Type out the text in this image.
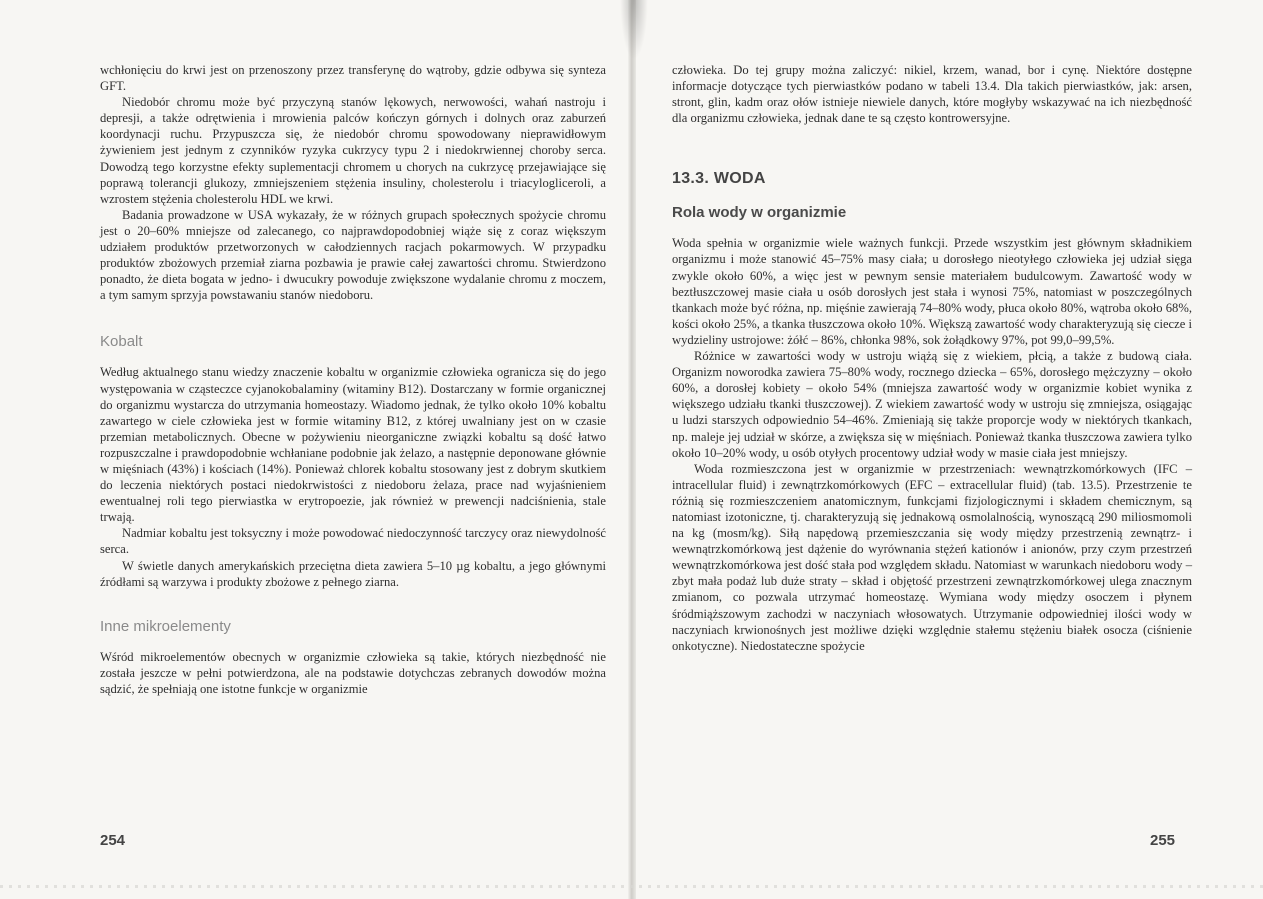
wchłonięciu do krwi jest on przenoszony przez transferynę do wątroby, gdzie odbywa się synteza GFT.

Niedobór chromu może być przyczyną stanów lękowych, nerwowości, wahań nastroju i depresji, a także odrętwienia i mrowienia palców kończyn górnych i dolnych oraz zaburzeń koordynacji ruchu. Przypuszcza się, że niedobór chromu spowodowany nieprawidłowym żywieniem jest jednym z czynników ryzyka cukrzycy typu 2 i niedokrwiennej choroby serca. Dowodzą tego korzystne efekty suplementacji chromem u chorych na cukrzycę przejawiające się poprawą tolerancji glukozy, zmniejszeniem stężenia insuliny, cholesterolu i triacylogliceroli, a wzrostem stężenia cholesterolu HDL we krwi.

Badania prowadzone w USA wykazały, że w różnych grupach społecznych spożycie chromu jest o 20–60% mniejsze od zalecanego, co najprawdopodobniej wiąże się z coraz większym udziałem produktów przetworzonych w całodziennych racjach pokarmowych. W przypadku produktów zbożowych przemiał ziarna pozbawia je prawie całej zawartości chromu. Stwierdzono ponadto, że dieta bogata w jedno- i dwucukry powoduje zwiększone wydalanie chromu z moczem, a tym samym sprzyja powstawaniu stanów niedoboru.

Kobalt

Według aktualnego stanu wiedzy znaczenie kobaltu w organizmie człowieka ogranicza się do jego występowania w cząsteczce cyjanokobalaminy (witaminy B12). Dostarczany w formie organicznej do organizmu wystarcza do utrzymania homeostazy. Wiadomo jednak, że tylko około 10% kobaltu zawartego w ciele człowieka jest w formie witaminy B12, z której uwalniany jest on w czasie przemian metabolicznych. Obecne w pożywieniu nieorganiczne związki kobaltu są dość łatwo rozpuszczalne i prawdopodobnie wchłaniane podobnie jak żelazo, a następnie deponowane głównie w mięśniach (43%) i kościach (14%). Ponieważ chlorek kobaltu stosowany jest z dobrym skutkiem do leczenia niektórych postaci niedokrwistości z niedoboru żelaza, prace nad wyjaśnieniem ewentualnej roli tego pierwiastka w erytropoezie, jak również w prewencji nadciśnienia, stale trwają.

Nadmiar kobaltu jest toksyczny i może powodować niedoczynność tarczycy oraz niewydolność serca.

W świetle danych amerykańskich przeciętna dieta zawiera 5–10 µg kobaltu, a jego głównymi źródłami są warzywa i produkty zbożowe z pełnego ziarna.

Inne mikroelementy

Wśród mikroelementów obecnych w organizmie człowieka są takie, których niezbędność nie została jeszcze w pełni potwierdzona, ale na podstawie dotychczas zebranych dowodów można sądzić, że spełniają one istotne funkcje w organizmie

254

człowieka. Do tej grupy można zaliczyć: nikiel, krzem, wanad, bor i cynę. Niektóre dostępne informacje dotyczące tych pierwiastków podano w tabeli 13.4. Dla takich pierwiastków, jak: arsen, stront, glin, kadm oraz ołów istnieje niewiele danych, które mogłyby wskazywać na ich niezbędność dla organizmu człowieka, jednak dane te są często kontrowersyjne.

13.3. WODA
Rola wody w organizmie

Woda spełnia w organizmie wiele ważnych funkcji. Przede wszystkim jest głównym składnikiem organizmu i może stanowić 45–75% masy ciała; u dorosłego nieotyłego człowieka jej udział sięga zwykle około 60%, a więc jest w pewnym sensie materiałem budulcowym. Zawartość wody w beztłuszczowej masie ciała u osób dorosłych jest stała i wynosi 75%, natomiast w poszczególnych tkankach może być różna, np. mięśnie zawierają 74–80% wody, płuca około 80%, wątroba około 68%, kości około 25%, a tkanka tłuszczowa około 10%. Większą zawartość wody charakteryzują się ciecze i wydzieliny ustrojowe: żółć – 86%, chłonka 98%, sok żołądkowy 97%, pot 99,0–99,5%.

Różnice w zawartości wody w ustroju wiążą się z wiekiem, płcią, a także z budową ciała. Organizm noworodka zawiera 75–80% wody, rocznego dziecka – 65%, dorosłego mężczyzny – około 60%, a dorosłej kobiety – około 54% (mniejsza zawartość wody w organizmie kobiet wynika z większego udziału tkanki tłuszczowej). Z wiekiem zawartość wody w ustroju się zmniejsza, osiągając u ludzi starszych odpowiednio 54–46%. Zmieniają się także proporcje wody w niektórych tkankach, np. maleje jej udział w skórze, a zwiększa się w mięśniach. Ponieważ tkanka tłuszczowa zawiera tylko około 10–20% wody, u osób otyłych procentowy udział wody w masie ciała jest mniejszy.

Woda rozmieszczona jest w organizmie w przestrzeniach: wewnątrzkomórkowych (IFC – intracellular fluid) i zewnątrzkomórkowych (EFC – extracellular fluid) (tab. 13.5). Przestrzenie te różnią się rozmieszczeniem anatomicznym, funkcjami fizjologicznymi i składem chemicznym, są natomiast izotoniczne, tj. charakteryzują się jednakową osmolalnością, wynoszącą 290 miliosmomoli na kg (mosm/kg). Siłą napędową przemieszczania się wody między przestrzenią zewnątrz- i wewnątrzkomórkową jest dążenie do wyrównania stężeń kationów i anionów, przy czym przestrzeń wewnątrzkomórkowa jest dość stała pod względem składu. Natomiast w warunkach niedoboru wody – zbyt mała podaż lub duże straty – skład i objętość przestrzeni zewnątrzkomórkowej ulega znacznym zmianom, co pozwala utrzymać homeostazę. Wymiana wody między osoczem i płynem śródmiąższowym zachodzi w naczyniach włosowatych. Utrzymanie odpowiedniej ilości wody w naczyniach krwionośnych jest możliwe dzięki względnie stałemu stężeniu białek osocza (ciśnienie onkotyczne). Niedostateczne spożycie

255
